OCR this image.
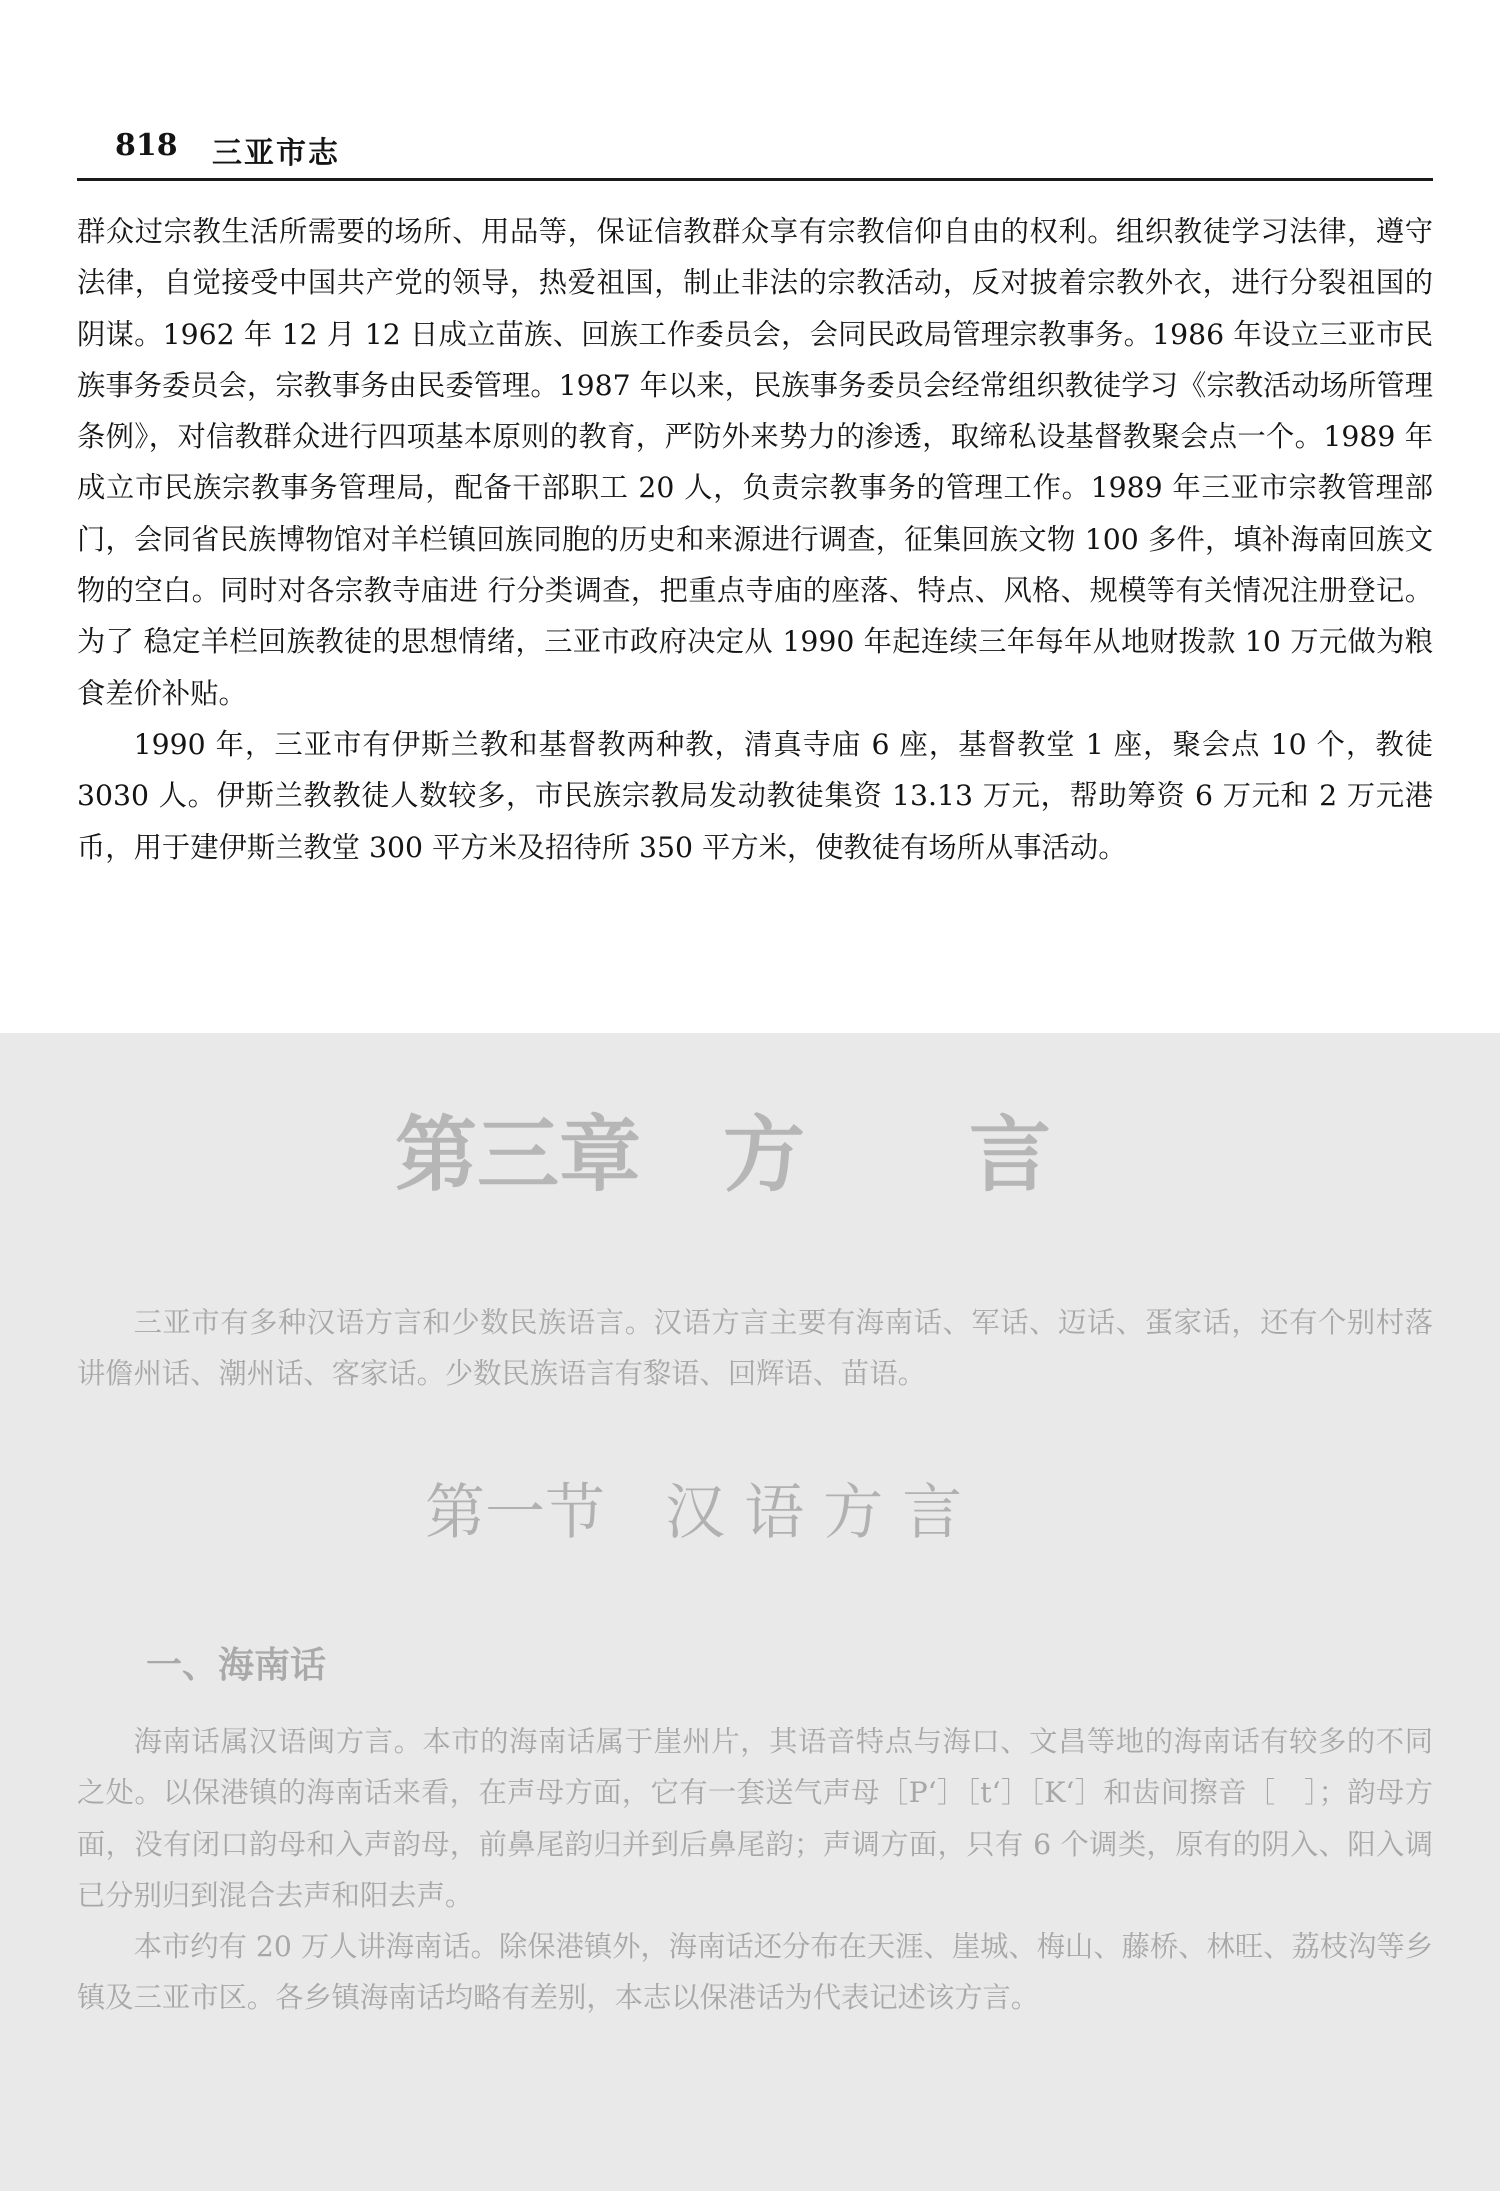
818 三亚市志

群众过宗教生活所需要的场所、用品等，保证信教群众享有宗教信仰自由的权利。组织教徒学习法律，遵守法律，自觉接受中国共产党的领导，热爱祖国，制止非法的宗教活动，反对披着宗教外衣，进行分裂祖国的阴谋。1962 年 12 月 12 日成立苗族、回族工作委员会，会同民政局管理宗教事务。1986 年设立三亚市民族事务委员会，宗教事务由民委管理。1987 年以来，民族事务委员会经常组织教徒学习《宗教活动场所管理条例》，对信教群众进行四项基本原则的教育，严防外来势力的渗透，取缔私设基督教聚会点一个。1989 年成立市民族宗教事务管理局，配备干部职工 20 人，负责宗教事务的管理工作。1989 年三亚市宗教管理部门，会同省民族博物馆对羊栏镇回族同胞的历史和来源进行调查，征集回族文物 100 多件，填补海南回族文物的空白。同时对各宗教寺庙进 行分类调查，把重点寺庙的座落、特点、风格、规模等有关情况注册登记。为了 稳定羊栏回族教徒的思想情绪，三亚市政府决定从 1990 年起连续三年每年从地财拨款 10 万元做为粮食差价补贴。

1990 年，三亚市有伊斯兰教和基督教两种教，清真寺庙 6 座，基督教堂 1 座，聚会点 10 个，教徒 3030 人。伊斯兰教教徒人数较多，市民族宗教局发动教徒集资 13.13 万元，帮助筹资 6 万元和 2 万元港币，用于建伊斯兰教堂 300 平方米及招待所 350 平方米，使教徒有场所从事活动。

第三章　方　　言

三亚市有多种汉语方言和少数民族语言。汉语方言主要有海南话、军话、迈话、蛋家话，还有个别村落讲儋州话、潮州话、客家话。少数民族语言有黎语、回辉语、苗语。

第一节　汉 语 方 言
一、海南话

海南话属汉语闽方言。本市的海南话属于崖州片，其语音特点与海口、文昌等地的海南话有较多的不同之处。以保港镇的海南话来看，在声母方面，它有一套送气声母［P‘］［t‘］［K‘］和齿间擦音［　］；韵母方面，没有闭口韵母和入声韵母，前鼻尾韵归并到后鼻尾韵；声调方面，只有 6 个调类，原有的阴入、阳入调已分别归到混合去声和阳去声。

本市约有 20 万人讲海南话。除保港镇外，海南话还分布在天涯、崖城、梅山、藤桥、林旺、荔枝沟等乡镇及三亚市区。各乡镇海南话均略有差别，本志以保港话为代表记述该方言。
